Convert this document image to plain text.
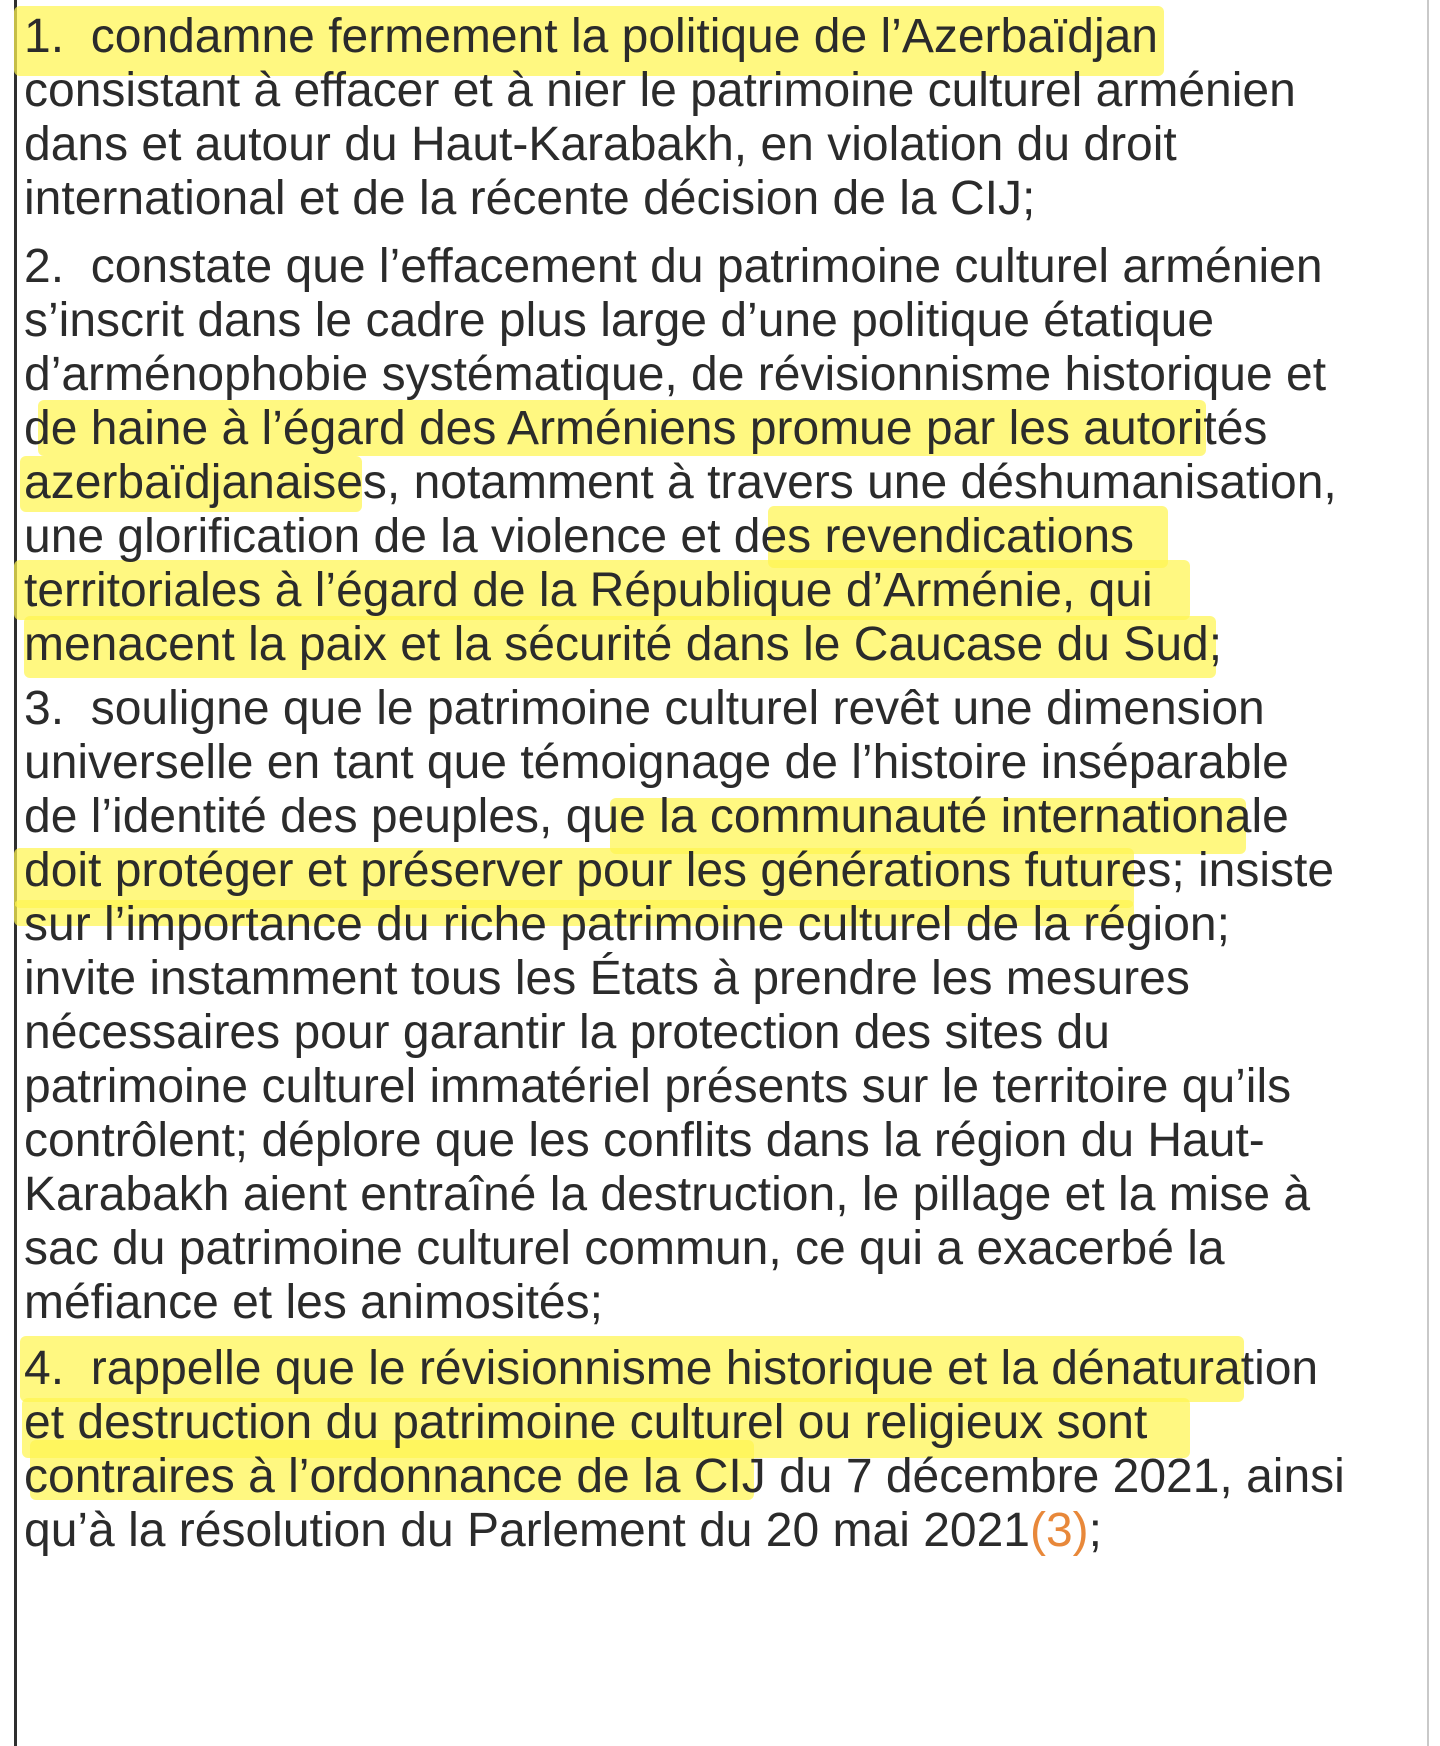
1. condamne fermement la politique de l’Azerbaïdjan

consistant à effacer et à nier le patrimoine culturel arménien

dans et autour du Haut-Karabakh, en violation du droit

international et de la récente décision de la CIJ;

2. constate que l’effacement du patrimoine culturel arménien

s’inscrit dans le cadre plus large d’une politique étatique

d’arménophobie systématique, de révisionnisme historique et

de haine à l’égard des Arméniens promue par les autorités

azerbaïdjanaises, notamment à travers une déshumanisation,

une glorification de la violence et des revendications

territoriales à l’égard de la République d’Arménie, qui

menacent la paix et la sécurité dans le Caucase du Sud;

3. souligne que le patrimoine culturel revêt une dimension

universelle en tant que témoignage de l’histoire inséparable

de l’identité des peuples, que la communauté internationale

doit protéger et préserver pour les générations futures; insiste

sur l’importance du riche patrimoine culturel de la région;

invite instamment tous les États à prendre les mesures

nécessaires pour garantir la protection des sites du

patrimoine culturel immatériel présents sur le territoire qu’ils

contrôlent; déplore que les conflits dans la région du Haut-

Karabakh aient entraîné la destruction, le pillage et la mise à

sac du patrimoine culturel commun, ce qui a exacerbé la

méfiance et les animosités;

4. rappelle que le révisionnisme historique et la dénaturation

et destruction du patrimoine culturel ou religieux sont

contraires à l’ordonnance de la CIJ du 7 décembre 2021, ainsi

qu’à la résolution du Parlement du 20 mai 2021(3);
